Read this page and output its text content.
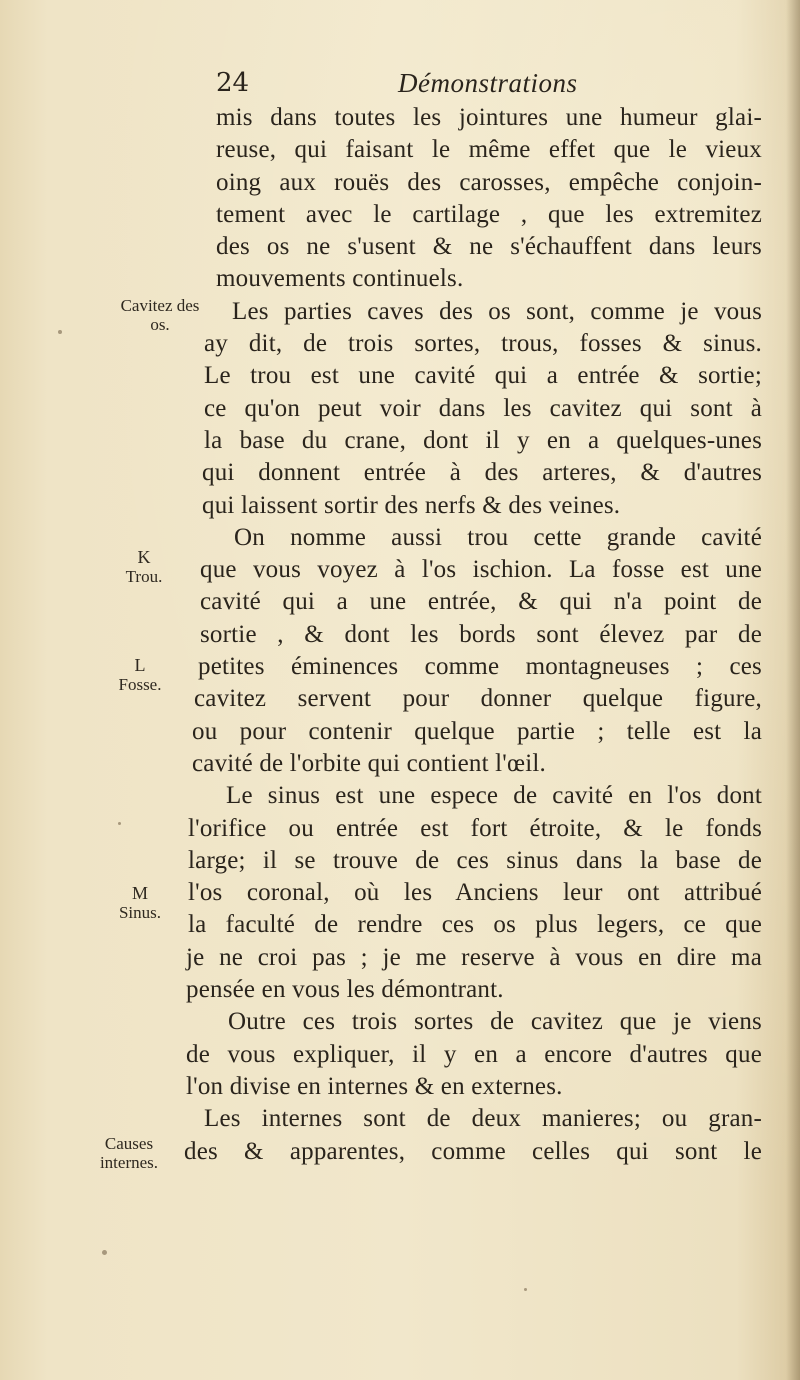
24	Démonstrations
Cavitez des os.
K
Trou.
L
Fosse.
M
Sinus.
Causes internes.
mis dans toutes les jointures une humeur glai-
reuse, qui faisant le même effet que le vieux
oing aux rouës des carosses, empêche conjoin-
tement avec le cartilage , que les extremitez
des os ne s'usent & ne s'échauffent dans leurs
mouvements continuels.
Les parties caves des os sont, comme je vous
ay dit, de trois sortes, trous, fosses & sinus.
Le trou est une cavité qui a entrée & sortie;
ce qu'on peut voir dans les cavitez qui sont à
la base du crane, dont il y en a quelques-unes
qui donnent entrée à des arteres, & d'autres
qui laissent sortir des nerfs & des veines.
On nomme aussi trou cette grande cavité
que vous voyez à l'os ischion. La fosse est une
cavité qui a une entrée, & qui n'a point de
sortie , & dont les bords sont élevez par de
petites éminences comme montagneuses ; ces
cavitez servent pour donner quelque figure,
ou pour contenir quelque partie ; telle est la
cavité de l'orbite qui contient l'œil.
Le sinus est une espece de cavité en l'os dont
l'orifice ou entrée est fort étroite, & le fonds
large; il se trouve de ces sinus dans la base de
l'os coronal, où les Anciens leur ont attribué
la faculté de rendre ces os plus legers, ce que
je ne croi pas ; je me reserve à vous en dire ma
pensée en vous les démontrant.
Outre ces trois sortes de cavitez que je viens
de vous expliquer, il y en a encore d'autres que
l'on divise en internes & en externes.
Les internes sont de deux manieres; ou gran-
des & apparentes, comme celles qui sont le
